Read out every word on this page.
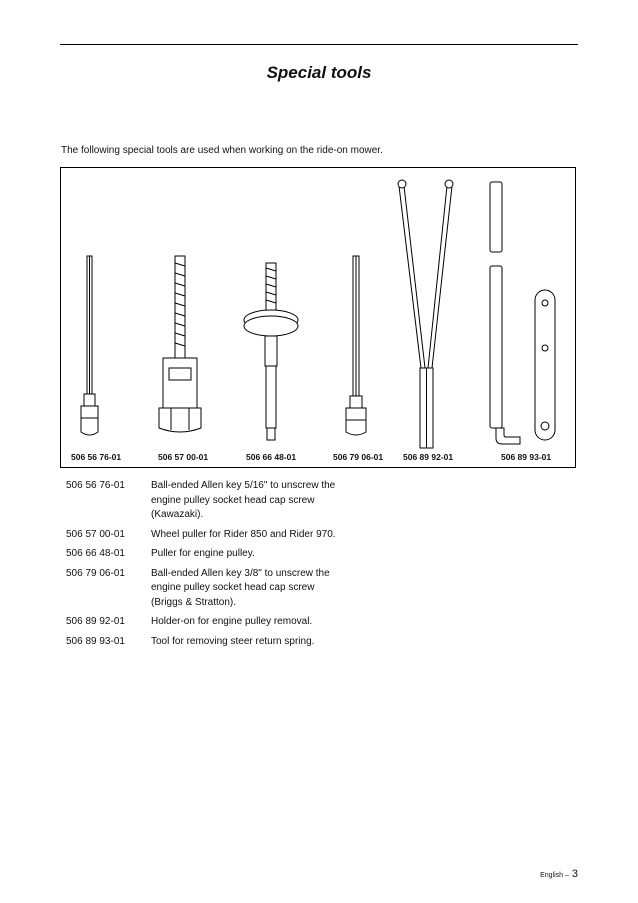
Special tools
The following special tools are used when working on the ride-on mower.
506 56 76-01	506 57 00-01	506 66 48-01	506 79 06-01 506 89 92-01	506 89 93-01
506 56 76-01	Ball-ended Allen key 5/16" to unscrew the engine pulley socket head cap screw (Kawazaki).
506 57 00-01	Wheel puller for Rider 850 and Rider 970.
506 66 48-01	Puller for engine pulley.
506 79 06-01	Ball-ended Allen key 3/8" to unscrew the engine pulley socket head cap screw (Briggs & Stratton).
506 89 92-01	Holder-on for engine pulley removal.
506 89 93-01	Tool for removing steer return spring.
English – 3
